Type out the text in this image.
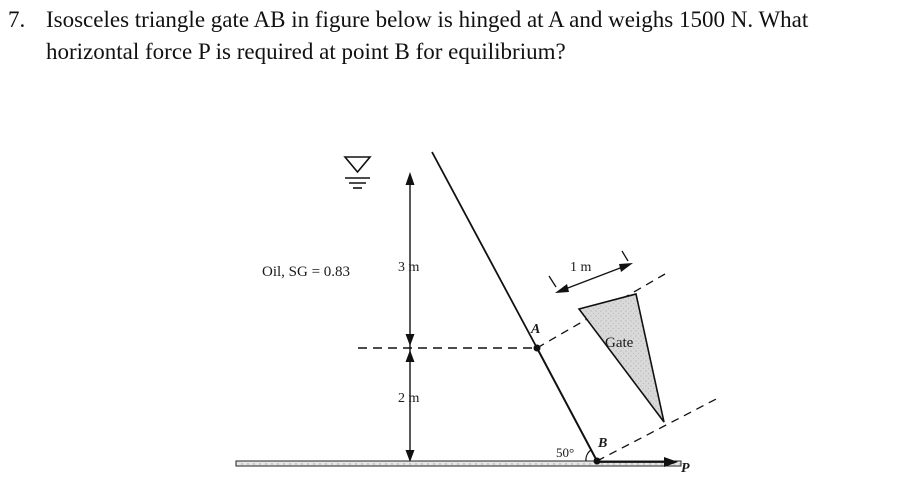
7. Isosceles triangle gate AB in figure below is hinged at A and weighs 1500 N. What
horizontal force P is required at point B for equilibrium?
Oil, SG = 0.83	3 m
2 m
1 m
Gate
50°
A
B
P
